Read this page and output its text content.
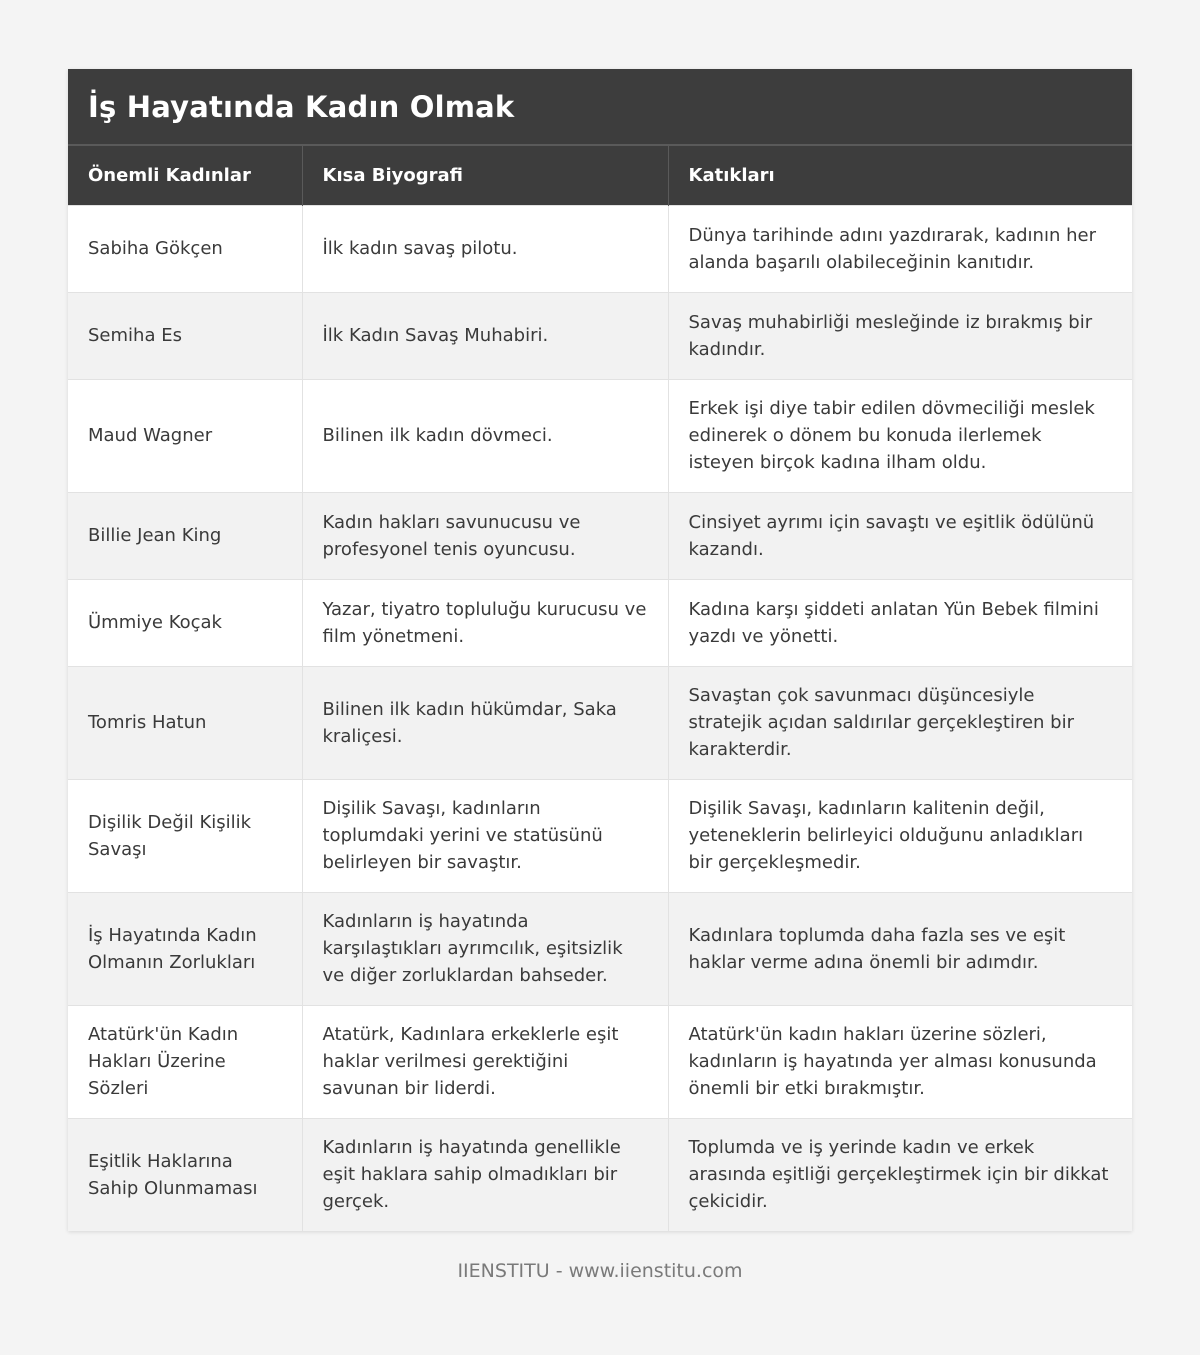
İş Hayatında Kadın Olmak
Önemli Kadınlar	Kısa Biyografi	Katıkları
Sabiha Gökçen	İlk kadın savaş pilotu.	Dünya tarihinde adını yazdırarak, kadının her alanda başarılı olabileceğinin kanıtıdır.
Semiha Es	İlk Kadın Savaş Muhabiri.	Savaş muhabirliği mesleğinde iz bırakmış bir kadındır.
Maud Wagner	Bilinen ilk kadın dövmeci.	Erkek işi diye tabir edilen dövmeciliği meslek edinerek o dönem bu konuda ilerlemek isteyen birçok kadına ilham oldu.
Billie Jean King	Kadın hakları savunucusu ve profesyonel tenis oyuncusu.	Cinsiyet ayrımı için savaştı ve eşitlik ödülünü kazandı.
Ümmiye Koçak	Yazar, tiyatro topluluğu kurucusu ve film yönetmeni.	Kadına karşı şiddeti anlatan Yün Bebek filmini yazdı ve yönetti.
Tomris Hatun	Bilinen ilk kadın hükümdar, Saka kraliçesi.	Savaştan çok savunmacı düşüncesiyle stratejik açıdan saldırılar gerçekleştiren bir karakterdir.
Dişilik Değil Kişilik Savaşı	Dişilik Savaşı, kadınların toplumdaki yerini ve statüsünü belirleyen bir savaştır.	Dişilik Savaşı, kadınların kalitenin değil, yeteneklerin belirleyici olduğunu anladıkları bir gerçekleşmedir.
İş Hayatında Kadın Olmanın Zorlukları	Kadınların iş hayatında karşılaştıkları ayrımcılık, eşitsizlik ve diğer zorluklardan bahseder.	Kadınlara toplumda daha fazla ses ve eşit haklar verme adına önemli bir adımdır.
Atatürk'ün Kadın Hakları Üzerine Sözleri	Atatürk, Kadınlara erkeklerle eşit haklar verilmesi gerektiğini savunan bir liderdi.	Atatürk'ün kadın hakları üzerine sözleri, kadınların iş hayatında yer alması konusunda önemli bir etki bırakmıştır.
Eşitlik Haklarına Sahip Olunmaması	Kadınların iş hayatında genellikle eşit haklara sahip olmadıkları bir gerçek.	Toplumda ve iş yerinde kadın ve erkek arasında eşitliği gerçekleştirmek için bir dikkat çekicidir.
IIENSTITU - www.iienstitu.com
